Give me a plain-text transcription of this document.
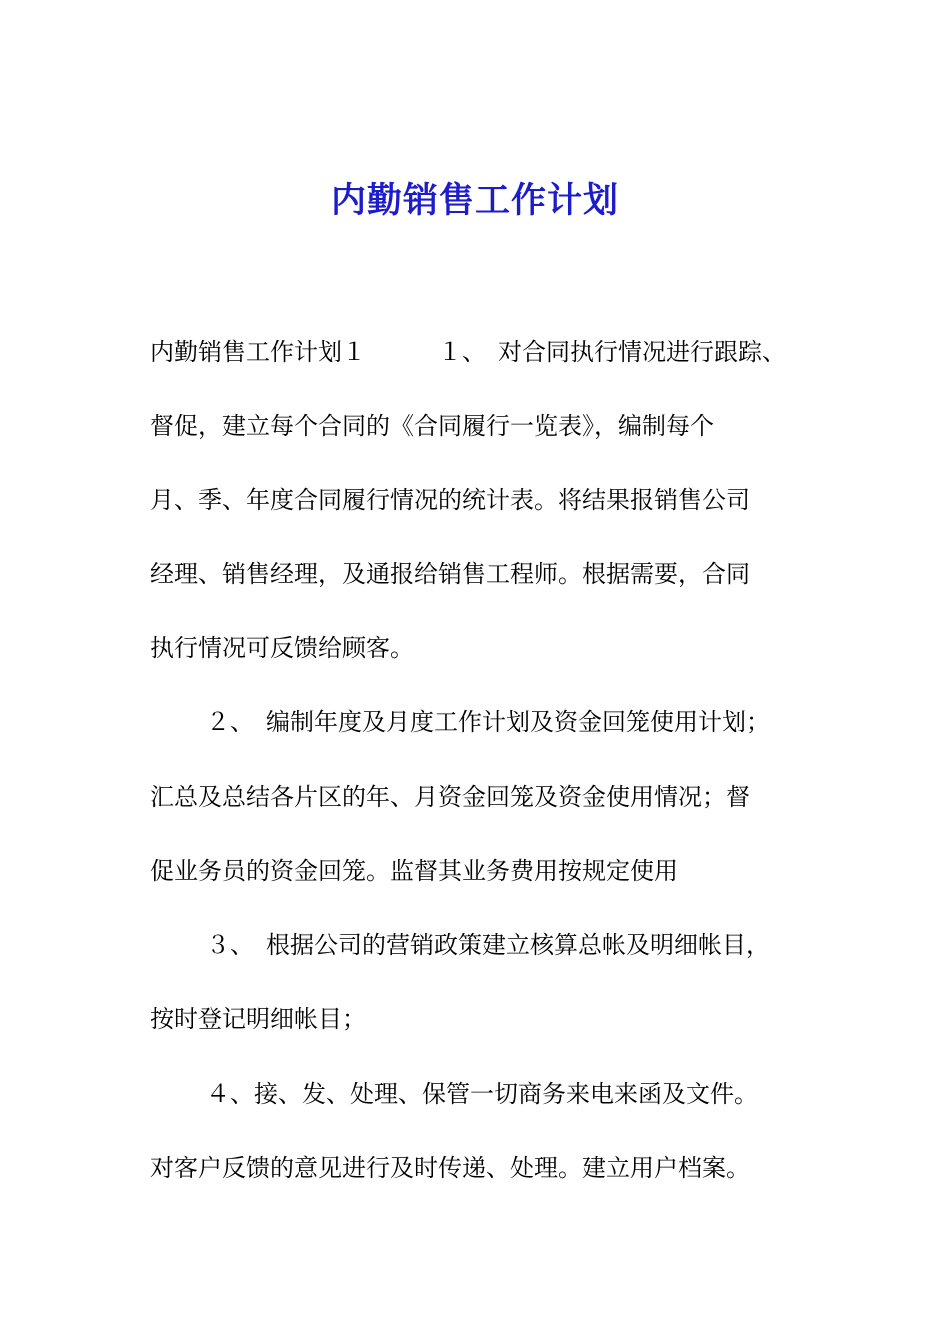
内勤销售工作计划
内勤销售工作计划１　　　１、　对合同执行情况进行跟踪、
督促，建立每个合同的《合同履行一览表》，编制每个
月、季、年度合同履行情况的统计表。将结果报销售公司
经理、销售经理，及通报给销售工程师。根据需要，合同
执行情况可反馈给顾客。
２、　编制年度及月度工作计划及资金回笼使用计划；
汇总及总结各片区的年、月资金回笼及资金使用情况；督
促业务员的资金回笼。监督其业务费用按规定使用
３、　根据公司的营销政策建立核算总帐及明细帐目，
按时登记明细帐目；
４、接、发、处理、保管一切商务来电来函及文件。
对客户反馈的意见进行及时传递、处理。建立用户档案。
